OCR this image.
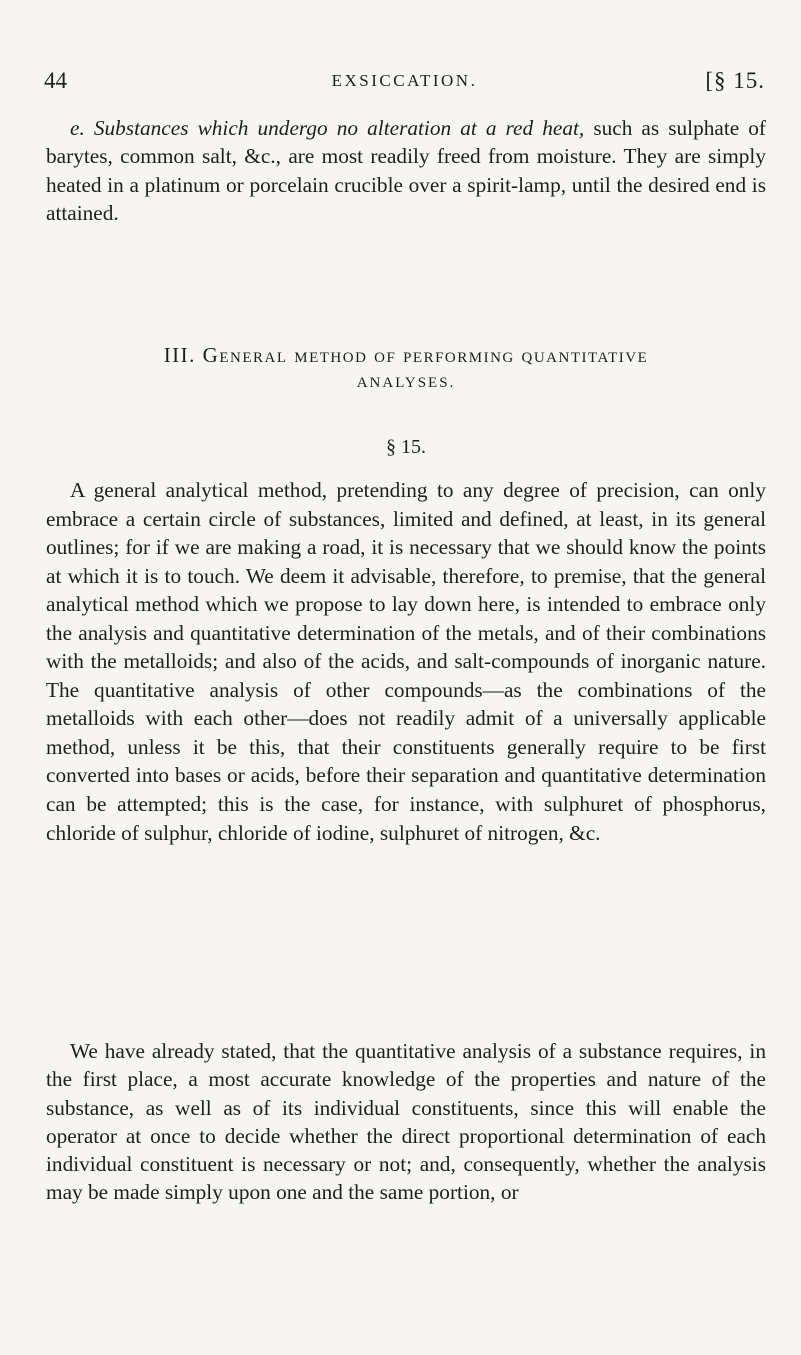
44	EXSICCATION.	[§ 15.

e. Substances which undergo no alteration at a red heat, such as sulphate of barytes, common salt, &c., are most readily freed from moisture. They are simply heated in a platinum or porcelain crucible over a spirit-lamp, until the desired end is attained.

III. General method of performing quantitative
ANALYSES.
§ 15.

A general analytical method, pretending to any degree of precision, can only embrace a certain circle of substances, limited and defined, at least, in its general outlines; for if we are making a road, it is necessary that we should know the points at which it is to touch. We deem it advisable, therefore, to premise, that the general analytical method which we propose to lay down here, is intended to embrace only the analysis and quantitative determination of the metals, and of their combinations with the metalloids; and also of the acids, and salt-compounds of inorganic nature. The quantitative analysis of other compounds—as the combinations of the metalloids with each other—does not readily admit of a universally applicable method, unless it be this, that their constituents generally require to be first converted into bases or acids, before their separation and quantitative determination can be attempted; this is the case, for instance, with sulphuret of phosphorus, chloride of sulphur, chloride of iodine, sulphuret of nitrogen, &c.

We have already stated, that the quantitative analysis of a substance requires, in the first place, a most accurate knowledge of the properties and nature of the substance, as well as of its individual constituents, since this will enable the operator at once to decide whether the direct proportional determination of each individual constituent is necessary or not; and, consequently, whether the analysis may be made simply upon one and the same portion, or
